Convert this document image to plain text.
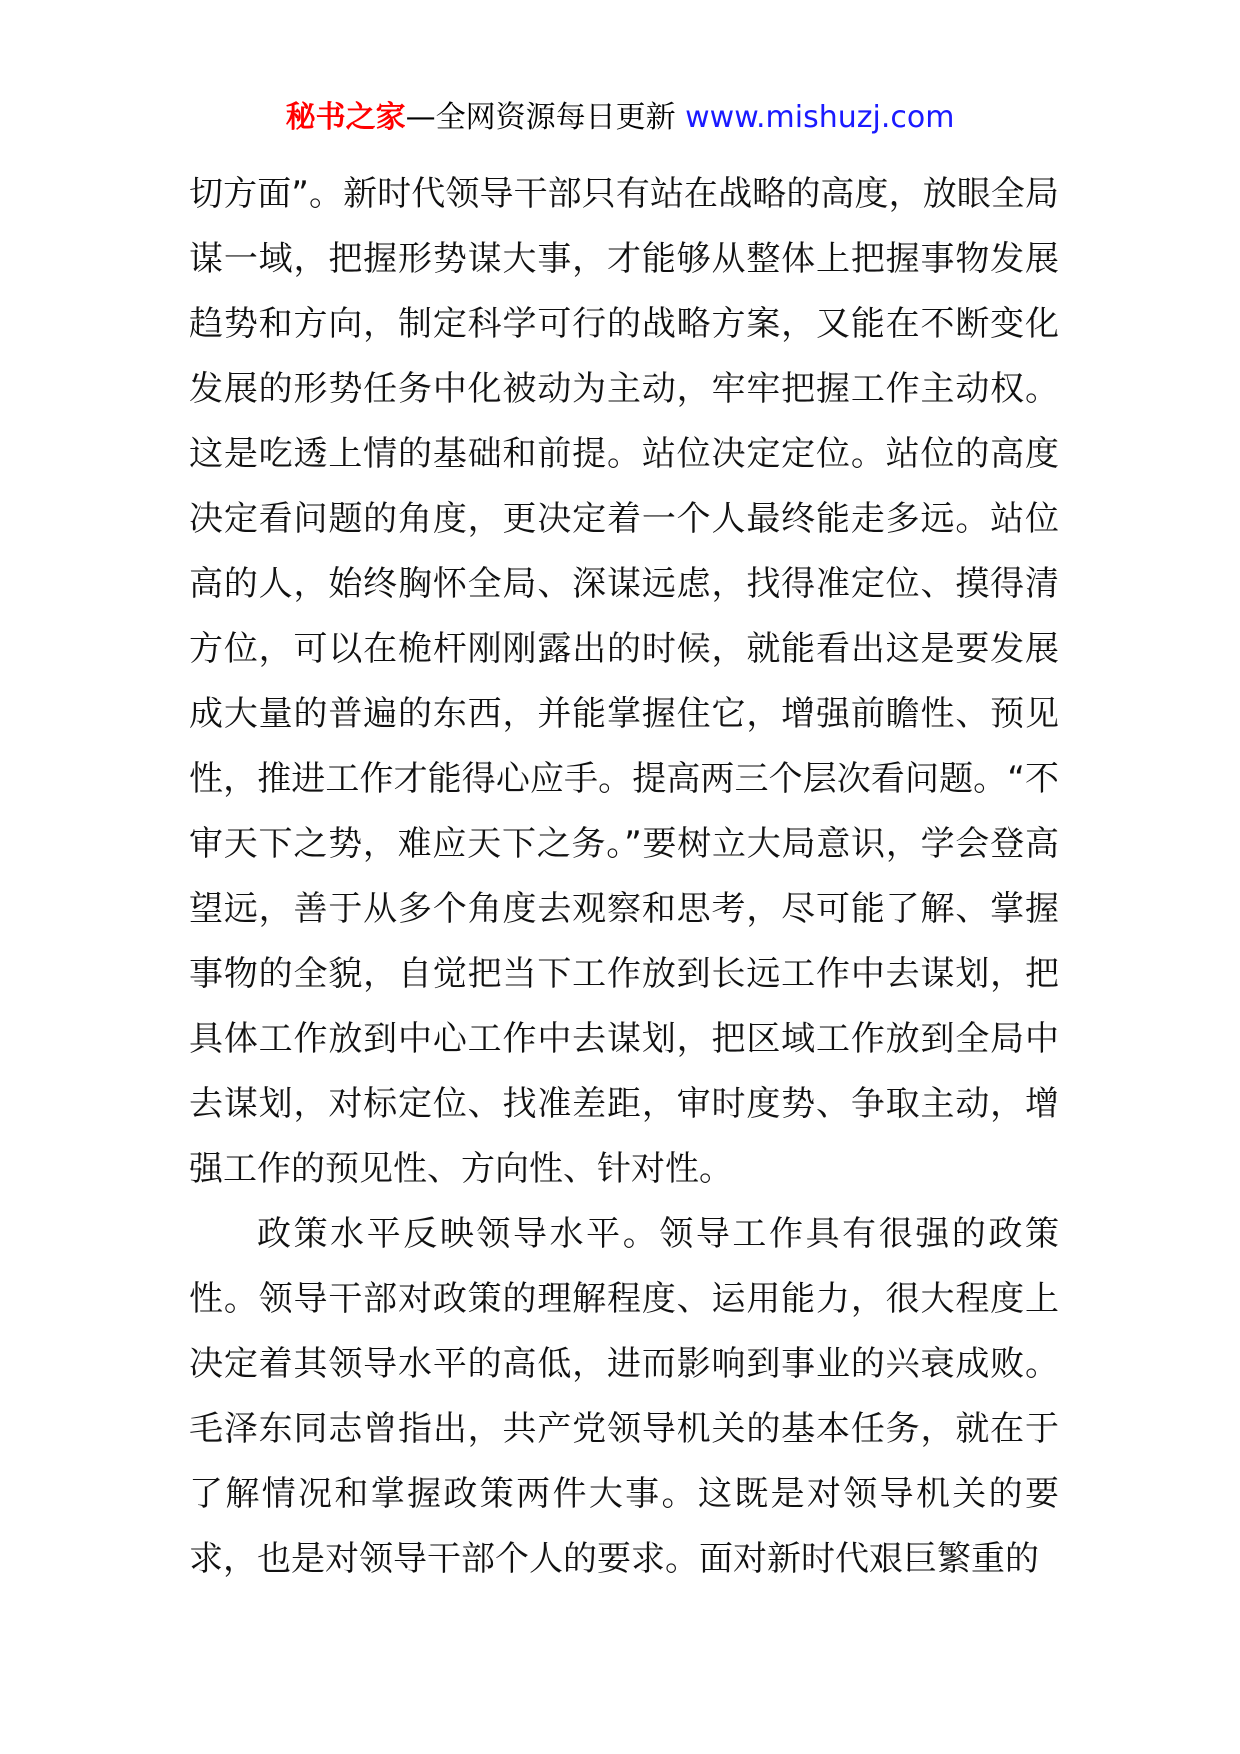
秘书之家—全网资源每日更新 www.mishuzj.com

切方面”。新时代领导干部只有站在战略的高度，放眼全局谋一域，把握形势谋大事，才能够从整体上把握事物发展趋势和方向，制定科学可行的战略方案，又能在不断变化发展的形势任务中化被动为主动，牢牢把握工作主动权。这是吃透上情的基础和前提。站位决定定位。站位的高度决定看问题的角度，更决定着一个人最终能走多远。站位高的人，始终胸怀全局、深谋远虑，找得准定位、摸得清方位，可以在桅杆刚刚露出的时候，就能看出这是要发展成大量的普遍的东西，并能掌握住它，增强前瞻性、预见性，推进工作才能得心应手。提高两三个层次看问题。“不审天下之势，难应天下之务。”要树立大局意识，学会登高望远，善于从多个角度去观察和思考，尽可能了解、掌握事物的全貌，自觉把当下工作放到长远工作中去谋划，把具体工作放到中心工作中去谋划，把区域工作放到全局中去谋划，对标定位、找准差距，审时度势、争取主动，增强工作的预见性、方向性、针对性。

政策水平反映领导水平。领导工作具有很强的政策性。领导干部对政策的理解程度、运用能力，很大程度上决定着其领导水平的高低，进而影响到事业的兴衰成败。毛泽东同志曾指出，共产党领导机关的基本任务，就在于了解情况和掌握政策两件大事。这既是对领导机关的要求，也是对领导干部个人的要求。面对新时代艰巨繁重的
